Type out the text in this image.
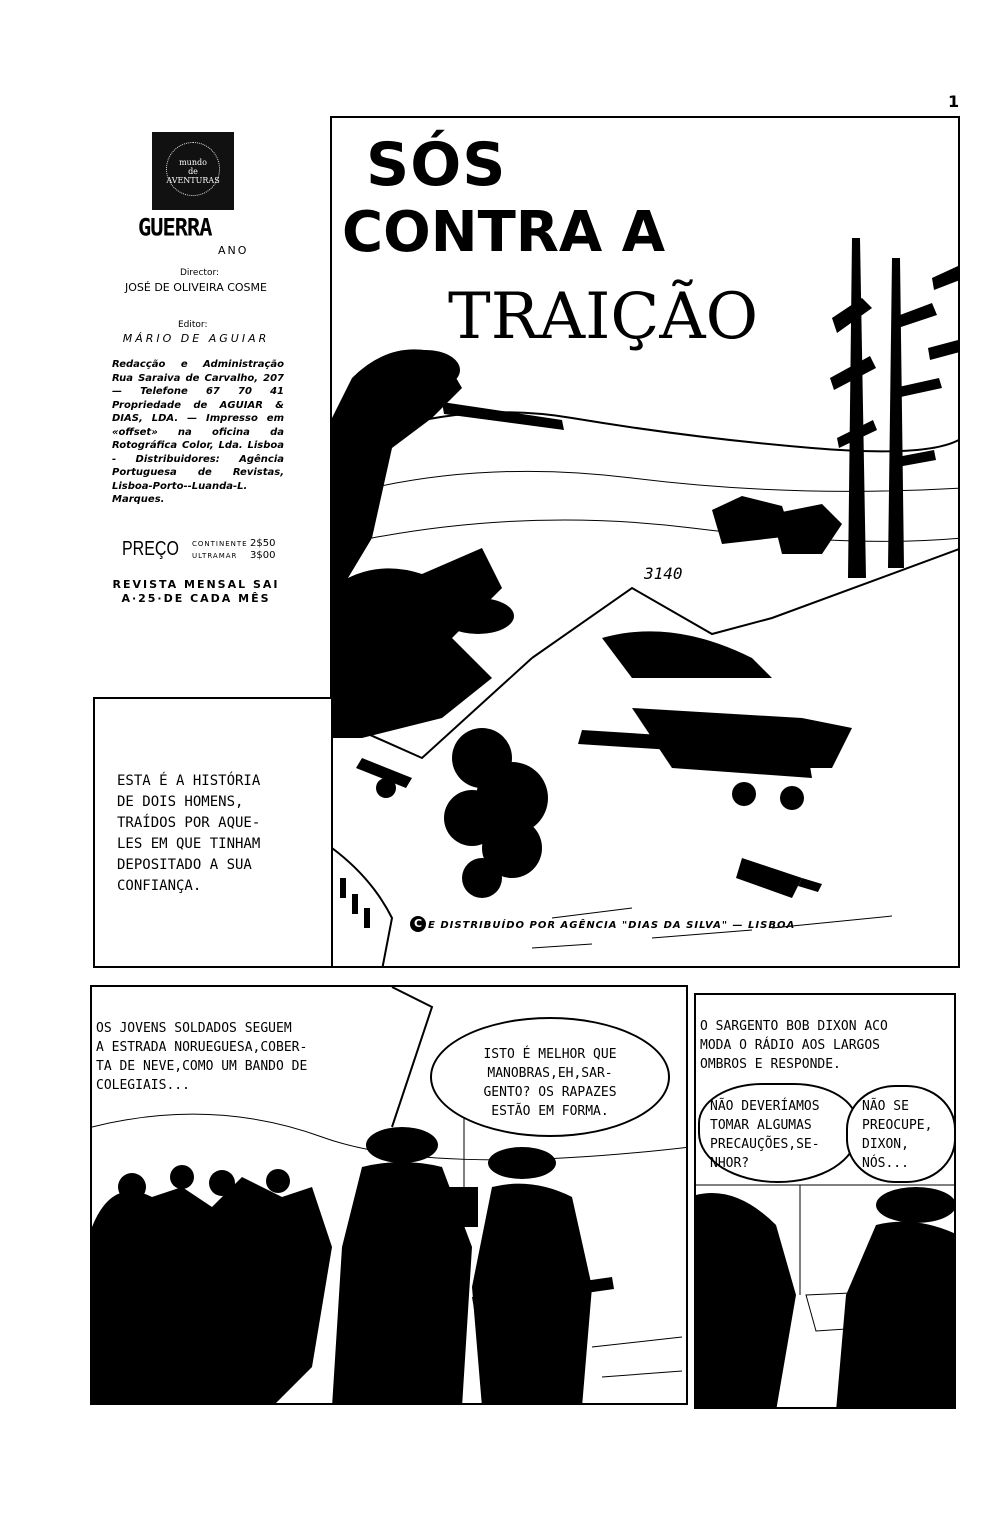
1
mundo
de
AVENTURAS
GUERRA
ANO
Director:
JOSÉ DE OLIVEIRA COSME
Editor:
MÁRIO DE AGUIAR
Redacção e Administração Rua Saraiva de Carvalho, 207 — Telefone 67 70 41 Propriedade de AGUIAR & DIAS, LDA. — Impresso em «offset» na oficina da Rotográfica Color, Lda. Lisboa - Distribuidores: Agência Portuguesa de Revistas, Lisboa-Porto--Luanda-L. Marques.
PREÇO CONTINENTE 2$50
ULTRAMAR 3$00
REVISTA MENSAL SAI A·25·DE CADA MÊS
SÓS
CONTRA A
TRAIÇÃO
3140
C E DISTRIBUÍDO POR AGÊNCIA "DIAS DA SILVA" — LISBOA
ESTA É A HISTÓRIA
DE DOIS HOMENS,
TRAÍDOS POR AQUE-
LES EM QUE TINHAM
DEPOSITADO A SUA
CONFIANÇA.
OS JOVENS SOLDADOS SEGUEM
A ESTRADA NORUEGUESA,COBER-
TA DE NEVE,COMO UM BANDO DE
COLEGIAIS...
ISTO É MELHOR QUE
MANOBRAS,EH,SAR-
GENTO? OS RAPAZES
ESTÃO EM FORMA.
O SARGENTO BOB DIXON ACO
MODA O RÁDIO AOS LARGOS
OMBROS E RESPONDE.
NÃO DEVERÍAMOS
TOMAR ALGUMAS
PRECAUÇÕES,SE-
NHOR?
NÃO SE
PREOCUPE,
DIXON,
NÓS...
